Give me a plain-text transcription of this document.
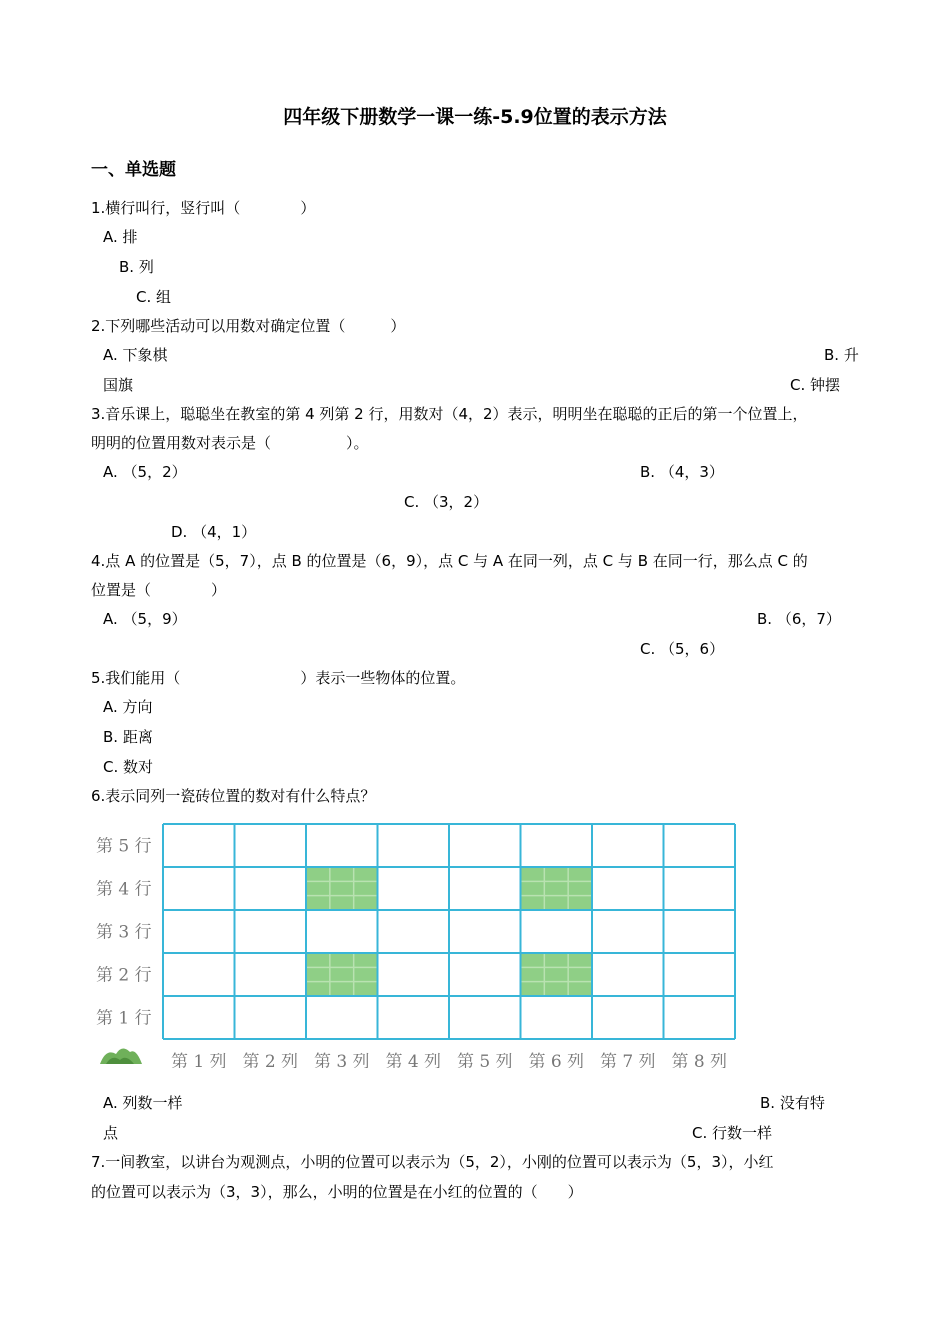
四年级下册数学一课一练-5.9位置的表示方法
一、单选题
1.横行叫行，竖行叫（　　　　）
A. 排
B. 列
C. 组
2.下列哪些活动可以用数对确定位置（　　　）
A. 下象棋	B. 升
国旗	C. 钟摆
3.音乐课上，聪聪坐在教室的第 4 列第 2 行，用数对（4，2）表示，明明坐在聪聪的正后的第一个位置上，
明明的位置用数对表示是（　　　　　）。
A. （5，2）	B. （4，3）
C. （3，2）
D. （4，1）
4.点 A 的位置是（5，7），点 B 的位置是（6，9），点 C 与 A 在同一列，点 C 与 B 在同一行，那么点 C 的
位置是（　　　　）
A. （5，9）	B. （6，7）
C. （5，6）
5.我们能用（　　　　　　　　）表示一些物体的位置。
A. 方向
B. 距离
C. 数对
6.表示同列一瓷砖位置的数对有什么特点？
第 5 行
第 4 行
第 3 行
第 2 行
第 1 行
第 1 列 第 2 列 第 3 列 第 4 列 第 5 列 第 6 列 第 7 列 第 8 列
A. 列数一样	B. 没有特
点	C. 行数一样
7.一间教室，以讲台为观测点，小明的位置可以表示为（5，2），小刚的位置可以表示为（5，3），小红
的位置可以表示为（3，3），那么，小明的位置是在小红的位置的（　　）
